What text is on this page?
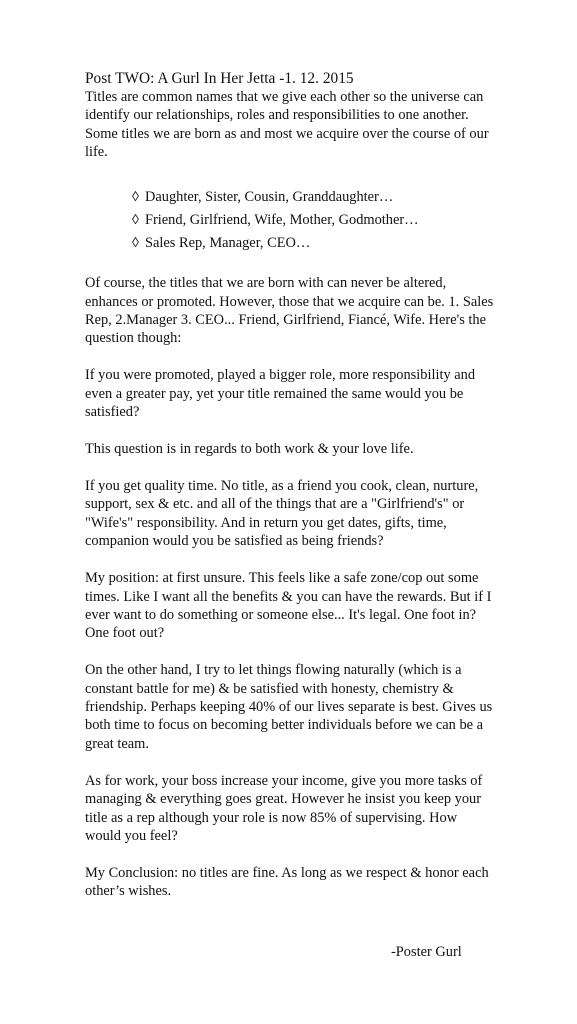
Post TWO: A Gurl In Her Jetta -1. 12. 2015

Titles are common names that we give each other so the universe can identify our relationships, roles and responsibilities to one another. Some titles we are born as and most we acquire over the course of our life.

◊ Daughter, Sister, Cousin, Granddaughter…
◊ Friend, Girlfriend, Wife, Mother, Godmother…
◊ Sales Rep, Manager, CEO…

Of course, the titles that we are born with can never be altered, enhances or promoted. However, those that we acquire can be. 1. Sales Rep, 2.Manager 3. CEO... Friend, Girlfriend, Fiancé, Wife. Here's the question though:

If you were promoted, played a bigger role, more responsibility and even a greater pay, yet your title remained the same would you be satisfied?

This question is in regards to both work & your love life.

If you get quality time. No title, as a friend you cook, clean, nurture, support, sex & etc. and all of the things that are a "Girlfriend's" or "Wife's" responsibility. And in return you get dates, gifts, time, companion would you be satisfied as being friends?

My position: at first unsure. This feels like a safe zone/cop out some times. Like I want all the benefits & you can have the rewards. But if I ever want to do something or someone else... It's legal. One foot in? One foot out?

On the other hand, I try to let things flowing naturally (which is a constant battle for me) & be satisfied with honesty, chemistry & friendship. Perhaps keeping 40% of our lives separate is best. Gives us both time to focus on becoming better individuals before we can be a great team.

As for work, your boss increase your income, give you more tasks of managing & everything goes great. However he insist you keep your title as a rep although your role is now 85% of supervising. How would you feel?

My Conclusion: no titles are fine. As long as we respect & honor each other’s wishes.

-Poster Gurl
